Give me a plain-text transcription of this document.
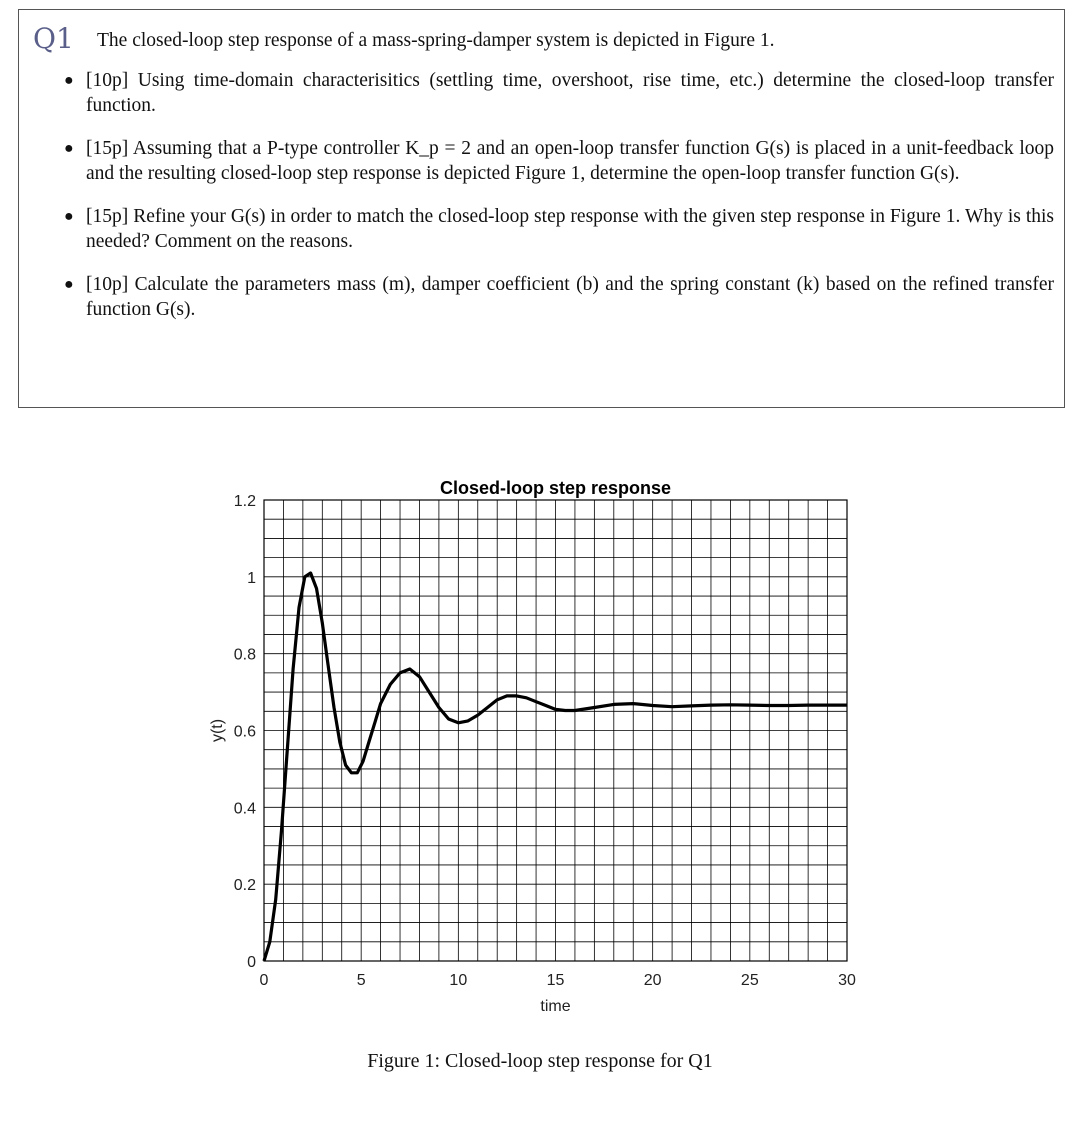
Q1 The closed-loop step response of a mass-spring-damper system is depicted in Figure 1.
● [10p] Using time-domain characterisitics (settling time, overshoot, rise time, etc.) determine the closed-loop transfer function.
● [15p] Assuming that a P-type controller K_p = 2 and an open-loop transfer function G(s) is placed in a unit-feedback loop and the resulting closed-loop step response is depicted Figure 1, determine the open-loop transfer function G(s).
● [15p] Refine your G(s) in order to match the closed-loop step response with the given step response in Figure 1. Why is this needed? Comment on the reasons.
● [10p] Calculate the parameters mass (m), damper coefficient (b) and the spring constant (k) based on the refined transfer function G(s).
0	5	10	15	20	25	30
0
0.2
0.4
0.6
0.8
1
1.2
Closed-loop step response
time
y(t)
Figure 1: Closed-loop step response for Q1
